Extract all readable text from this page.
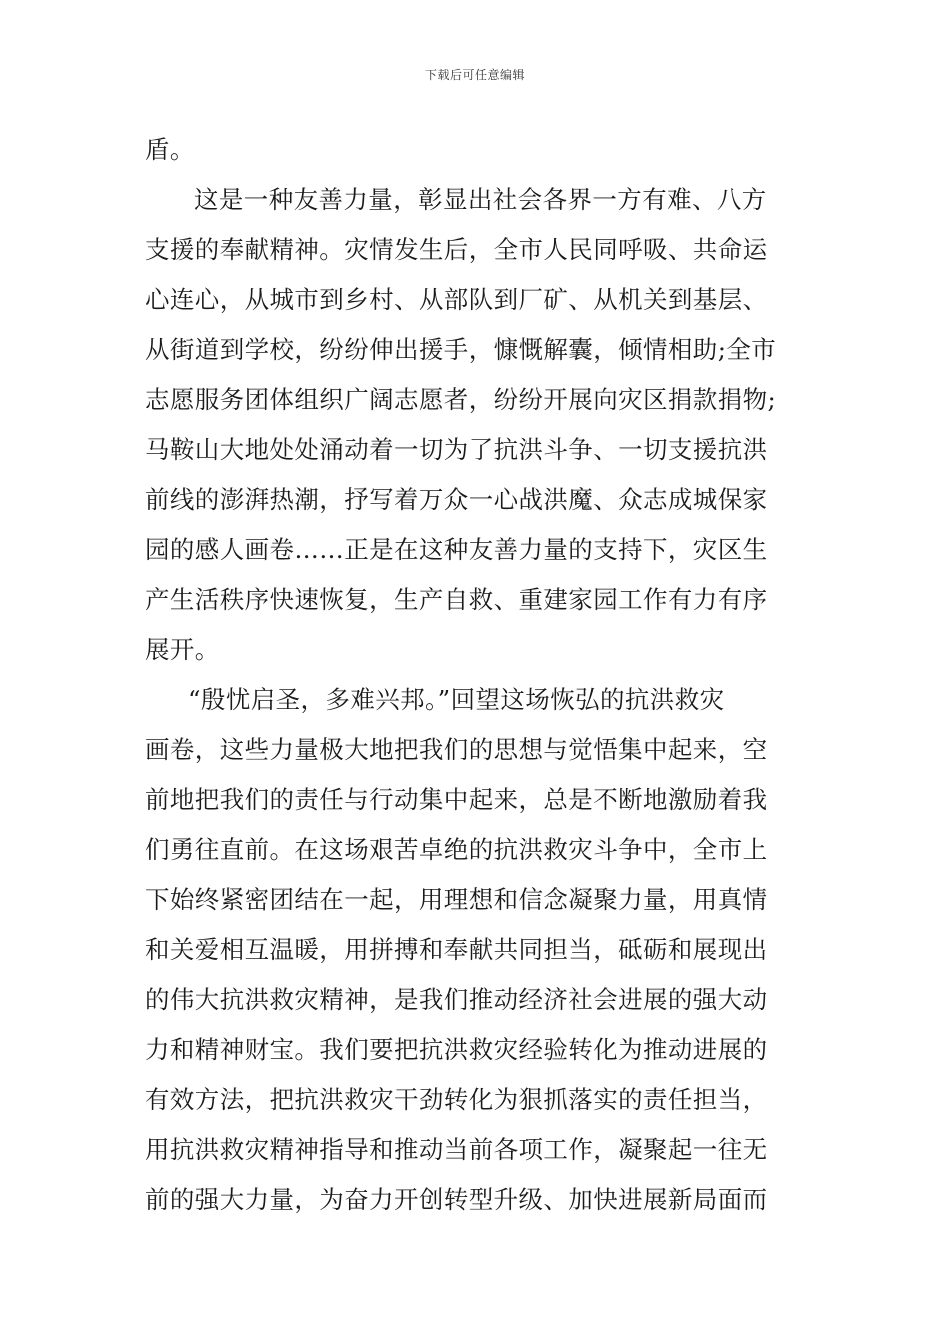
下载后可任意编辑
盾。
这是一种友善力量，彰显出社会各界一方有难、八方
支援的奉献精神。灾情发生后，全市人民同呼吸、共命运
心连心，从城市到乡村、从部队到厂矿、从机关到基层、
从街道到学校，纷纷伸出援手，慷慨解囊，倾情相助;全市
志愿服务团体组织广阔志愿者，纷纷开展向灾区捐款捐物;
马鞍山大地处处涌动着一切为了抗洪斗争、一切支援抗洪
前线的澎湃热潮，抒写着万众一心战洪魔、众志成城保家
园的感人画卷……正是在这种友善力量的支持下，灾区生
产生活秩序快速恢复，生产自救、重建家园工作有力有序
展开。
“殷忧启圣，多难兴邦。”回望这场恢弘的抗洪救灾
画卷，这些力量极大地把我们的思想与觉悟集中起来，空
前地把我们的责任与行动集中起来，总是不断地激励着我
们勇往直前。在这场艰苦卓绝的抗洪救灾斗争中，全市上
下始终紧密团结在一起，用理想和信念凝聚力量，用真情
和关爱相互温暖，用拼搏和奉献共同担当，砥砺和展现出
的伟大抗洪救灾精神，是我们推动经济社会进展的强大动
力和精神财宝。我们要把抗洪救灾经验转化为推动进展的
有效方法，把抗洪救灾干劲转化为狠抓落实的责任担当，
用抗洪救灾精神指导和推动当前各项工作，凝聚起一往无
前的强大力量，为奋力开创转型升级、加快进展新局面而
